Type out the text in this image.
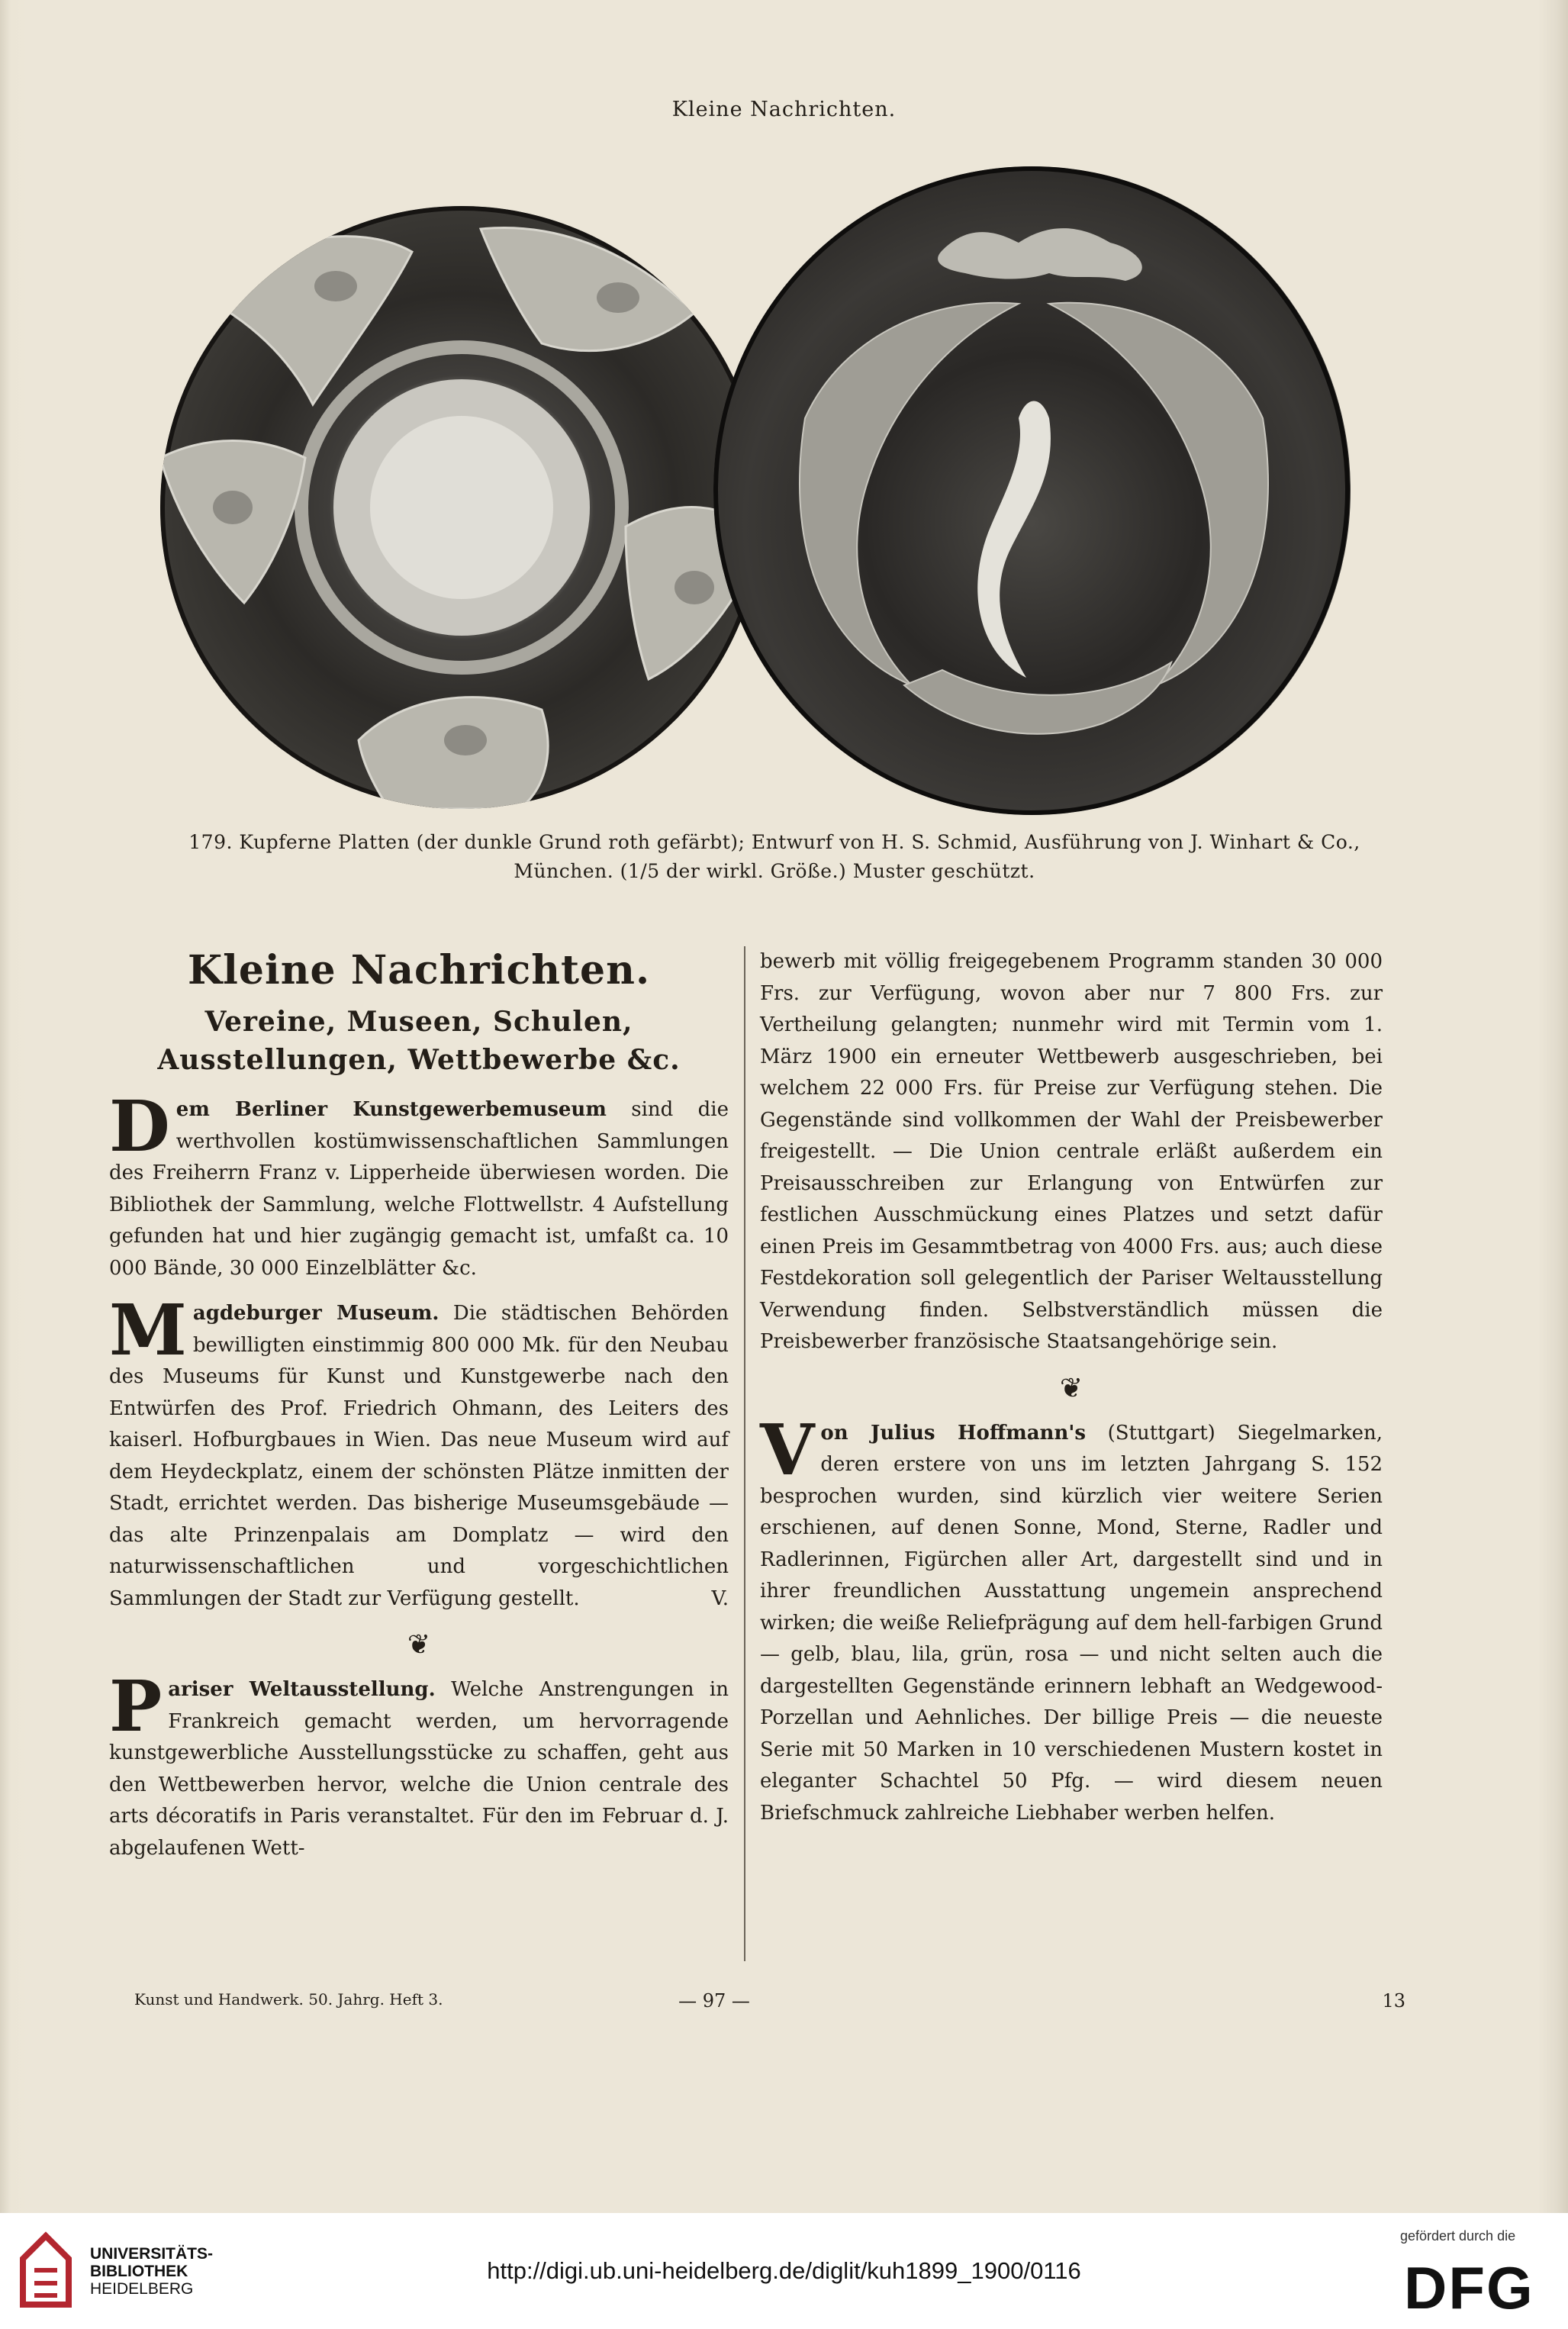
Kleine Nachrichten.
179. Kupferne Platten (der dunkle Grund roth gefärbt); Entwurf von H. S. Schmid, Ausführung von J. Winhart & Co.,
München. (1/5 der wirkl. Größe.) Muster geschützt.
Kleine Nachrichten.
Vereine, Museen, Schulen, Ausstellungen, Wettbewerbe &c.

Dem Berliner Kunstgewerbemuseum sind die werthvollen kostümwissenschaftlichen Sammlungen des Freiherrn Franz v. Lipperheide überwiesen worden. Die Bibliothek der Sammlung, welche Flottwellstr. 4 Aufstellung gefunden hat und hier zugängig gemacht ist, umfaßt ca. 10 000 Bände, 30 000 Einzelblätter &c.

Magdeburger Museum. Die städtischen Behörden bewilligten einstimmig 800 000 Mk. für den Neubau des Museums für Kunst und Kunstgewerbe nach den Entwürfen des Prof. Friedrich Ohmann, des Leiters des kaiserl. Hofburgbaues in Wien. Das neue Museum wird auf dem Heydeckplatz, einem der schönsten Plätze inmitten der Stadt, errichtet werden. Das bisherige Museumsgebäude — das alte Prinzenpalais am Domplatz — wird den naturwissenschaftlichen und vorgeschichtlichen Sammlungen der Stadt zur Verfügung gestellt.	V.

❦

Pariser Weltausstellung. Welche Anstrengungen in Frankreich gemacht werden, um hervorragende kunstgewerbliche Ausstellungsstücke zu schaffen, geht aus den Wettbewerben hervor, welche die Union centrale des arts décoratifs in Paris veranstaltet. Für den im Februar d. J. abgelaufenen Wett-

bewerb mit völlig freigegebenem Programm standen 30 000 Frs. zur Verfügung, wovon aber nur 7 800 Frs. zur Vertheilung gelangten; nunmehr wird mit Termin vom 1. März 1900 ein erneuter Wettbewerb ausgeschrieben, bei welchem 22 000 Frs. für Preise zur Verfügung stehen. Die Gegenstände sind vollkommen der Wahl der Preisbewerber freigestellt. — Die Union centrale erläßt außerdem ein Preisausschreiben zur Erlangung von Entwürfen zur festlichen Ausschmückung eines Platzes und setzt dafür einen Preis im Gesammtbetrag von 4000 Frs. aus; auch diese Festdekoration soll gelegentlich der Pariser Weltausstellung Verwendung finden. Selbstverständlich müssen die Preisbewerber französische Staatsangehörige sein.

❦

Von Julius Hoffmann's (Stuttgart) Siegelmarken, deren erstere von uns im letzten Jahrgang S. 152 besprochen wurden, sind kürzlich vier weitere Serien erschienen, auf denen Sonne, Mond, Sterne, Radler und Radlerinnen, Figürchen aller Art, dargestellt sind und in ihrer freundlichen Ausstattung ungemein ansprechend wirken; die weiße Reliefprägung auf dem hell-farbigen Grund — gelb, blau, lila, grün, rosa — und nicht selten auch die dargestellten Gegenstände erinnern lebhaft an Wedgewood-Porzellan und Aehnliches. Der billige Preis — die neueste Serie mit 50 Marken in 10 verschiedenen Mustern kostet in eleganter Schachtel 50 Pfg. — wird diesem neuen Briefschmuck zahlreiche Liebhaber werben helfen.

Kunst und Handwerk. 50. Jahrg. Heft 3.	— 97 —	13
UNIVERSITÄTS-
BIBLIOTHEK
HEIDELBERG
http://digi.ub.uni-heidelberg.de/diglit/kuh1899_1900/0116
gefördert durch die
DFG
